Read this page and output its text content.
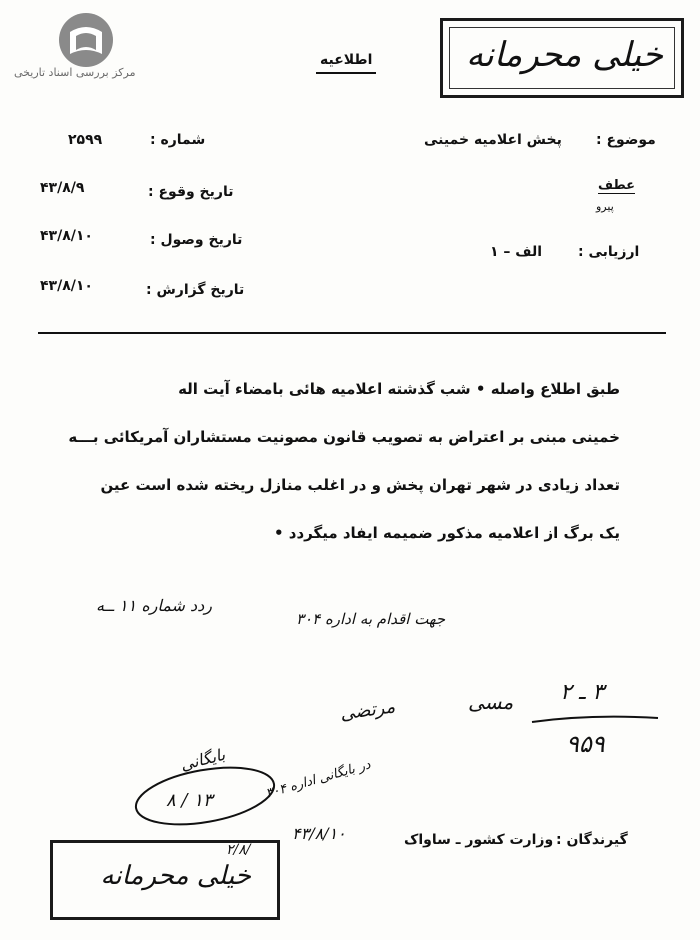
مرکز بررسی اسناد تاریخی	خیلی محرمانه
اطلاعیه
شماره :
۲۵۹۹
تاریخ وقوع :
۴۳/۸/۹
تاریخ وصول :
۴۳/۸/۱۰
تاریخ گزارش :
۴۳/۸/۱۰
موضوع :
پخش اعلامیه خمینی
عطف
پیرو
ارزیابی :
الف – ۱
طبق اطلاع واصله • شب گذشته اعلامیه هائی بامضاء آیت اله
خمینی مبنی بر اعتراض به تصویب قانون مصونیت مستشاران آمریکائی بـــه
تعداد زیادی در شهر تهران پخش و در اغلب منازل ریخته شده است عین
یک برگ از اعلامیه مذکور ضمیمه ایفاد میگردد •
ردد شماره ۱۱ ــه
جهت اقدام به اداره ۳۰۴
۳ ـ ۲
۹۵۹
مسی
مرتضی
بایگانی
۱۳ / ۸	در بایگانی اداره ۳۰۴
۴۳/۸/۱۰
/۲/۸
گیرندگان :
وزارت کشور ـ ساواک
خیلی محرمانه
